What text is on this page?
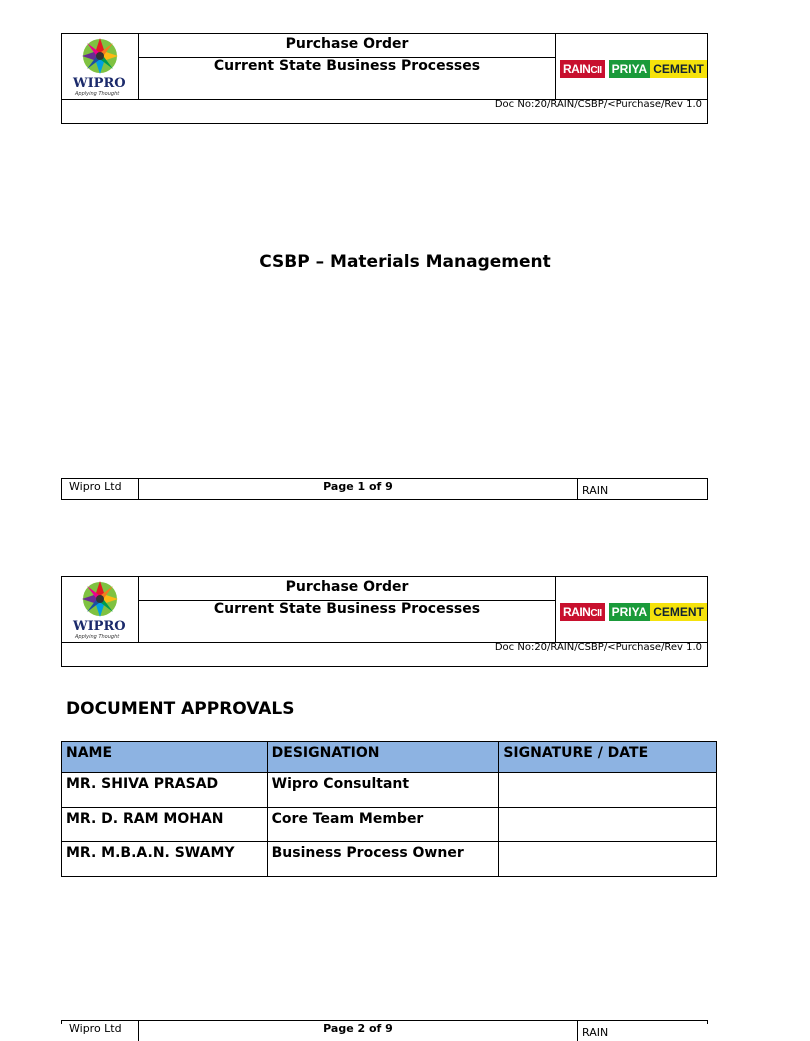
WIPRO
Applying Thought
Purchase Order
Current State Business Processes	RAINCII PRIYA CEMENT
Doc No:20/RAIN/CSBP/<Purchase/Rev 1.0
CSBP – Materials Management
Wipro Ltd	Page 1 of 9	RAIN
WIPRO
Applying Thought
Purchase Order
Current State Business Processes	RAINCII PRIYA CEMENT
Doc No:20/RAIN/CSBP/<Purchase/Rev 1.0
DOCUMENT APPROVALS
NAME	DESIGNATION	SIGNATURE / DATE
MR. SHIVA PRASAD	Wipro Consultant	
MR. D. RAM MOHAN	Core Team Member	
MR. M.B.A.N. SWAMY	Business Process Owner	
Wipro Ltd	Page 2 of 9	RAIN
